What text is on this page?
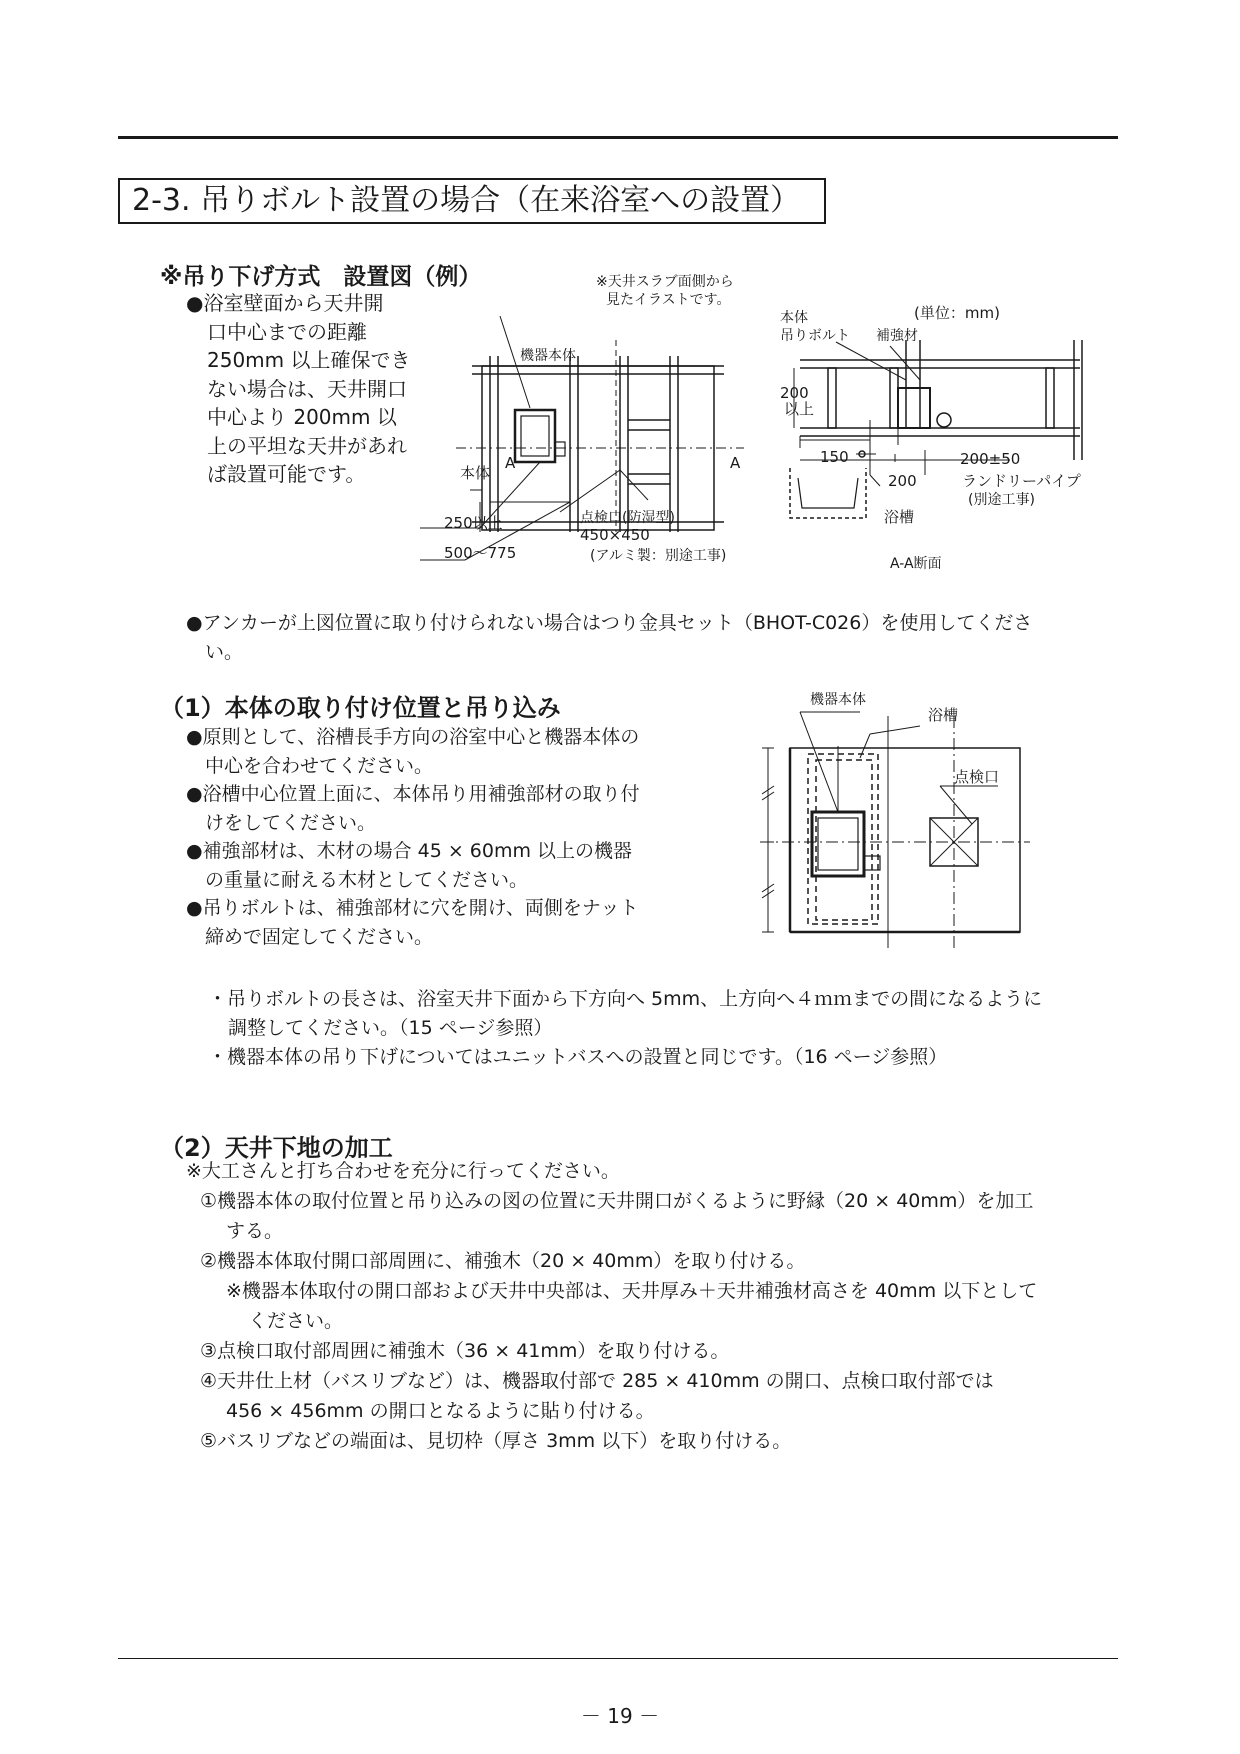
2-3. 吊りボルト設置の場合（在来浴室への設置）
※吊り下げ方式　設置図（例）
●浴室壁面から天井開
口中心までの距離
250mm 以上確保でき
ない場合は、天井開口
中心より 200mm 以
上の平坦な天井があれ
ば設置可能です。
※天井スラブ面側から
見たイラストです。
機器本体
本体
A	A
250以上	点検口(防湿型)
450×450
(アルミ製：別途工事)
500～775
(単位：mm)
本体
吊りボルト 補強材
200
以上
150	200±50
200	ランドリーパイプ
(別途工事)
浴槽
A-A断面
●アンカーが上図位置に取り付けられない場合はつり金具セット（BHOT-C026）を使用してくださ
い。
（1）本体の取り付け位置と吊り込み
●原則として、浴槽長手方向の浴室中心と機器本体の
中心を合わせてください。
●浴槽中心位置上面に、本体吊り用補強部材の取り付
けをしてください。
●補強部材は、木材の場合 45 × 60mm 以上の機器
の重量に耐える木材としてください。
●吊りボルトは、補強部材に穴を開け、両側をナット
締めで固定してください。
機器本体
浴槽
点検口
・吊りボルトの長さは、浴室天井下面から下方向へ 5mm、上方向へ４ｍｍまでの間になるように
調整してください。（15 ページ参照）
・機器本体の吊り下げについてはユニットバスへの設置と同じです。（16 ページ参照）
（2）天井下地の加工
※大工さんと打ち合わせを充分に行ってください。
①機器本体の取付位置と吊り込みの図の位置に天井開口がくるように野縁（20 × 40mm）を加工
する。
②機器本体取付開口部周囲に、補強木（20 × 40mm）を取り付ける。
※機器本体取付の開口部および天井中央部は、天井厚み＋天井補強材高さを 40mm 以下として
ください。
③点検口取付部周囲に補強木（36 × 41mm）を取り付ける。
④天井仕上材（バスリブなど）は、機器取付部で 285 × 410mm の開口、点検口取付部では
456 × 456mm の開口となるように貼り付ける。
⑤バスリブなどの端面は、見切枠（厚さ 3mm 以下）を取り付ける。
－ 19 －
